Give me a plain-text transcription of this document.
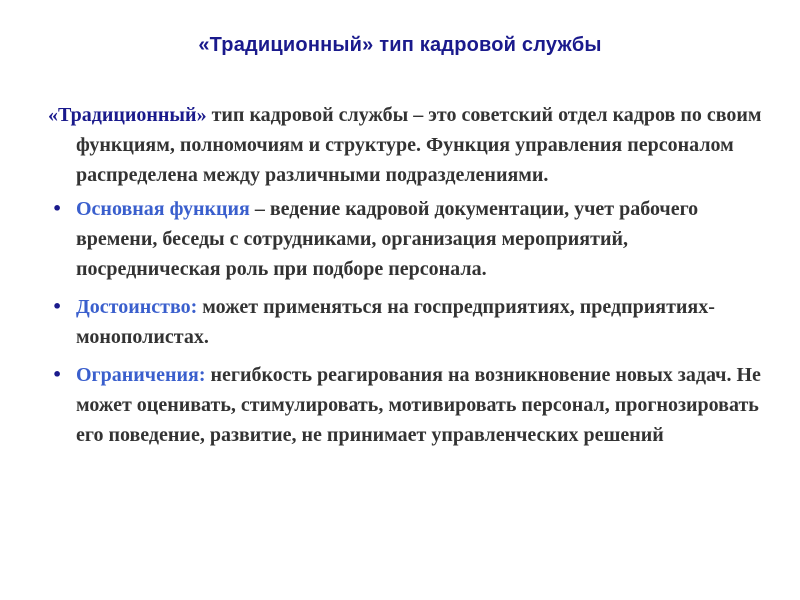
«Традиционный» тип кадровой службы

«Традиционный» тип кадровой службы – это советский отдел кадров по своим функциям, полномочиям и структуре. Функция управления персоналом распределена между различными подразделениями.

• Основная функция – ведение кадровой документации, учет рабочего времени, беседы с сотрудниками, организация мероприятий, посредническая роль при подборе персонала.
• Достоинство: может применяться на госпредприятиях, предприятиях-монополистах.
• Ограничения: негибкость реагирования на возникновение новых задач. Не может оценивать, стимулировать, мотивировать персонал, прогнозировать его поведение, развитие, не принимает управленческих решений
